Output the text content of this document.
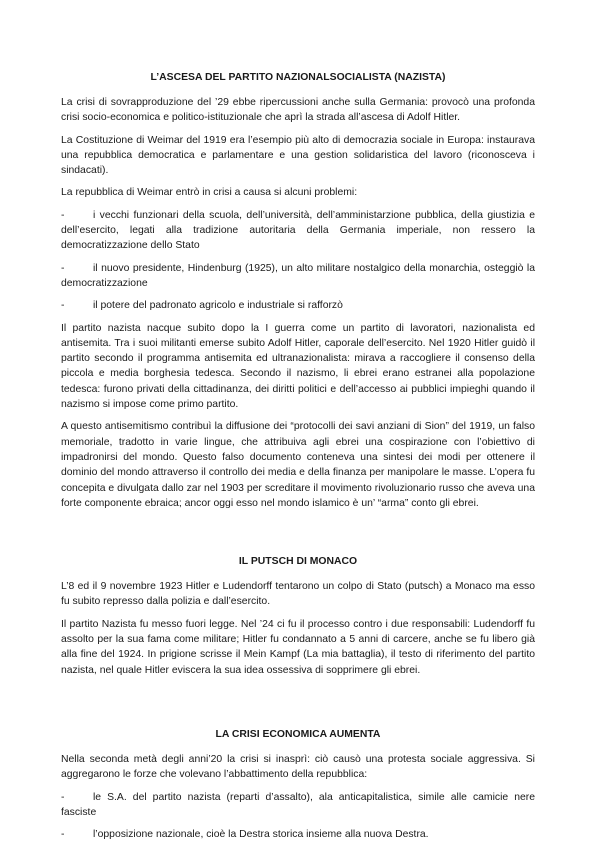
L’ASCESA DEL PARTITO NAZIONALSOCIALISTA (NAZISTA)

La crisi di sovrapproduzione del ’29 ebbe ripercussioni anche sulla Germania: provocò una profonda crisi socio-economica e politico-istituzionale che aprì la strada all’ascesa di Adolf Hitler.

La Costituzione di Weimar del 1919 era l’esempio più alto di democrazia sociale in Europa: instaurava una repubblica democratica e parlamentare e una gestion solidaristica del lavoro (riconosceva i sindacati).

La repubblica di Weimar entrò in crisi a causa si alcuni problemi:

-	i vecchi funzionari della scuola, dell’università, dell’amministarzione pubblica, della giustizia e dell’esercito, legati alla tradizione autoritaria della Germania imperiale, non ressero la democratizzazione dello Stato

-	il nuovo presidente, Hindenburg (1925), un alto militare nostalgico della monarchia, osteggiò la democratizzazione

-	il potere del padronato agricolo e industriale si rafforzò

Il partito nazista nacque subito dopo la I guerra come un partito di lavoratori, nazionalista ed antisemita. Tra i suoi militanti emerse subito Adolf Hitler, caporale dell’esercito. Nel 1920 Hitler guidò il partito secondo il programma antisemita ed ultranazionalista: mirava a raccogliere il consenso della piccola e media borghesia tedesca. Secondo il nazismo, li ebrei erano estranei alla popolazione tedesca: furono privati della cittadinanza, dei diritti politici e dell’accesso ai pubblici impieghi quando il nazismo si impose come primo partito.

A questo antisemitismo contribuì la diffusione dei “protocolli dei savi anziani di Sion” del 1919, un falso memoriale, tradotto in varie lingue, che attribuiva agli ebrei una cospirazione con l’obiettivo di impadronirsi del mondo. Questo falso documento conteneva una sintesi dei modi per ottenere il dominio del mondo attraverso il controllo dei media e della finanza per manipolare le masse. L’opera fu concepita e divulgata dallo zar nel 1903 per screditare il movimento rivoluzionario russo che aveva una forte componente ebraica; ancor oggi esso nel mondo islamico è un’ “arma” conto gli ebrei.

IL PUTSCH DI MONACO

L’8 ed il 9 novembre 1923 Hitler e Ludendorff tentarono un colpo di Stato (putsch) a Monaco ma esso fu subito represso dalla polizia e dall’esercito.

Il partito Nazista fu messo fuori legge. Nel ’24 ci fu il processo contro i due responsabili: Ludendorff fu assolto per la sua fama come militare; Hitler fu condannato a 5 anni di carcere, anche se fu libero già alla fine del 1924. In prigione scrisse il Mein Kampf (La mia battaglia), il testo di riferimento del partito nazista, nel quale Hitler eviscera la sua idea ossessiva di sopprimere gli ebrei.

LA CRISI ECONOMICA AUMENTA

Nella seconda metà degli anni’20 la crisi si inasprì: ciò causò una protesta sociale aggressiva. Si aggregarono le forze che volevano l’abbattimento della repubblica:

-	le S.A. del partito nazista (reparti d’assalto), ala anticapitalistica, simile alle camicie nere fasciste

-	l’opposizione nazionale, cioè la Destra storica insieme alla nuova Destra.
